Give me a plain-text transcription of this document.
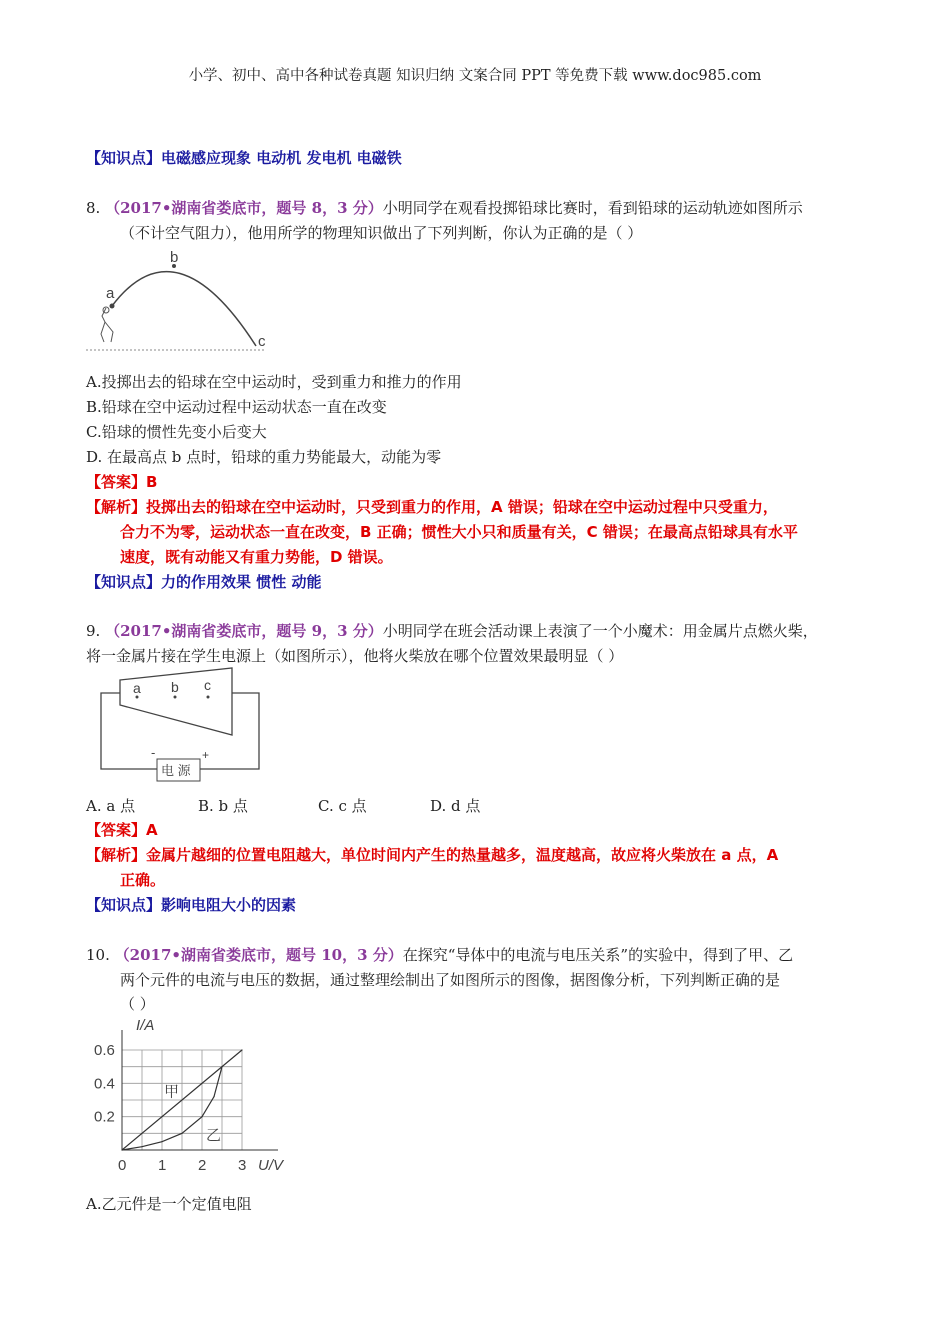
小学、初中、高中各种试卷真题 知识归纳 文案合同 PPT 等免费下载 www.doc985.com
【知识点】电磁感应现象 电动机 发电机 电磁铁
8. （2017•湖南省娄底市，题号 8，3 分）小明同学在观看投掷铅球比赛时，看到铅球的运动轨迹如图所示
（不计空气阻力），他用所学的物理知识做出了下列判断，你认为正确的是（ ）
a
b
c
A.投掷出去的铅球在空中运动时，受到重力和推力的作用
B.铅球在空中运动过程中运动状态一直在改变
C.铅球的惯性先变小后变大
D. 在最高点 b 点时，铅球的重力势能最大，动能为零
【答案】B
【解析】投掷出去的铅球在空中运动时，只受到重力的作用，A 错误；铅球在空中运动过程中只受重力，
合力不为零，运动状态一直在改变，B 正确；惯性大小只和质量有关，C 错误；在最高点铅球具有水平
速度，既有动能又有重力势能，D 错误。
【知识点】力的作用效果 惯性 动能
9. （2017•湖南省娄底市，题号 9，3 分）小明同学在班会活动课上表演了一个小魔术：用金属片点燃火柴，
将一金属片接在学生电源上（如图所示），他将火柴放在哪个位置效果最明显（ ）
a b c
-	+
电 源
A. a 点	B. b 点	C. c 点	D. d 点
【答案】A
【解析】金属片越细的位置电阻越大，单位时间内产生的热量越多，温度越高，故应将火柴放在 a 点，A
正确。
【知识点】影响电阻大小的因素
10. （2017•湖南省娄底市，题号 10，3 分）在探究“导体中的电流与电压关系”的实验中，得到了甲、乙
两个元件的电流与电压的数据，通过整理绘制出了如图所示的图像，据图像分析，下列判断正确的是
（ ）
甲
乙
0 1 2 3
0.2
0.4
0.6
I/A
U/V
A.乙元件是一个定值电阻
